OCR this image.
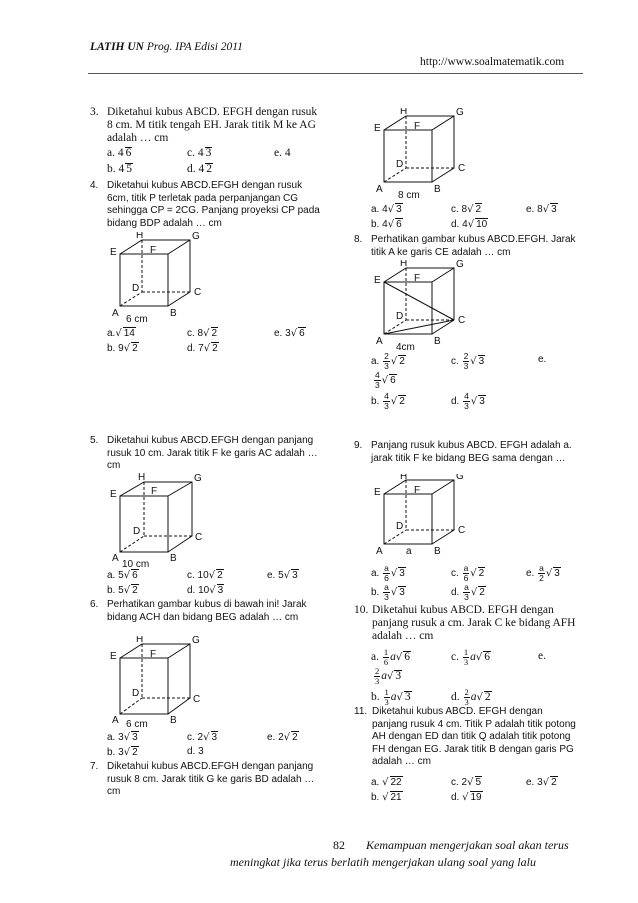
LATIH UN Prog. IPA Edisi 2011
http://www.soalmatematik.com
3. Diketahui kubus ABCD. EFGH dengan rusuk 8 cm. M titik tengah EH. Jarak titik M ke AG adalah … cm
a. 4 6	c. 4 3	e. 4
b. 4 5	d. 4 2
4. Diketahui kubus ABCD.EFGH dengan rusuk 6cm, titik P terletak pada perpanjangan CG sehingga CP = 2CG. Panjang proyeksi CP pada bidang BDP adalah … cm
A	B
C
D
E	F
G
H
6 cm
a.√ 14	c. 8√ 2	e. 3√ 6
b. 9√ 2	d. 7√ 2
5. Diketahui kubus ABCD.EFGH dengan panjang rusuk 10 cm. Jarak titik F ke garis AC adalah … cm
A	B
C
D
E	F
G
H
10 cm
a. 5√ 6	c. 10√ 2	e. 5√ 3
b. 5√ 2	d. 10√ 3
6. Perhatikan gambar kubus di bawah ini! Jarak bidang ACH dan bidang BEG adalah … cm
A	B
C
D
E	F
G
H
6 cm
a. 3√ 3	c. 2√ 3	e. 2√ 2
b. 3√ 2	d. 3
7. Diketahui kubus ABCD.EFGH dengan panjang rusuk 8 cm. Jarak titik G ke garis BD adalah … cm
A	B
C
D
E	F
G
H
8 cm
a. 4√ 3	c. 8√ 2	e. 8√ 3
b. 4√ 6	d. 4√ 10
8. Perhatikan gambar kubus ABCD.EFGH. Jarak titik A ke garis CE adalah … cm
A	B
C
D
E	F
G
H
4cm
a. $\frac{2}{3}$ √ 2	c. $\frac{2}{3}$ √ 3	e.
$\frac{4}{3}$ √ 6
b. $\frac{4}{3}$ √ 2	d. $\frac{4}{3}$ √ 3
9. Panjang rusuk kubus ABCD. EFGH adalah a. jarak titik F ke bidang BEG sama dengan …
A	B
C
D
E	F
G
H
a
a. $\frac{a}{6}$ √ 3	c. $\frac{a}{6}$ √ 2	e. $\frac{a}{2}$ √ 3
b. $\frac{a}{3}$ √ 3	d. $\frac{a}{3}$ √ 2
10. Diketahui kubus ABCD. EFGH dengan panjang rusuk a cm. Jarak C ke bidang AFH adalah … cm
a. $\frac{1}{6} a√$ 6	c. $\frac{1}{3} a√$ 6	e.
$\frac{2}{3} a√$ 3
b. $\frac{1}{3} a√$ 3	d. $\frac{2}{3} a√$ 2
11. Diketahui kubus ABCD. EFGH dengan panjang rusuk 4 cm. Titik P adalah titik potong AH dengan ED dan titik Q adalah titik potong FH dengan EG. Jarak titik B dengan garis PG adalah … cm
a. √ 22	c. 2√ 5	e. 3√ 2
b. √ 21	d. √ 19
82 Kemampuan mengerjakan soal akan terus
meningkat jika terus berlatih mengerjakan ulang soal yang lalu
